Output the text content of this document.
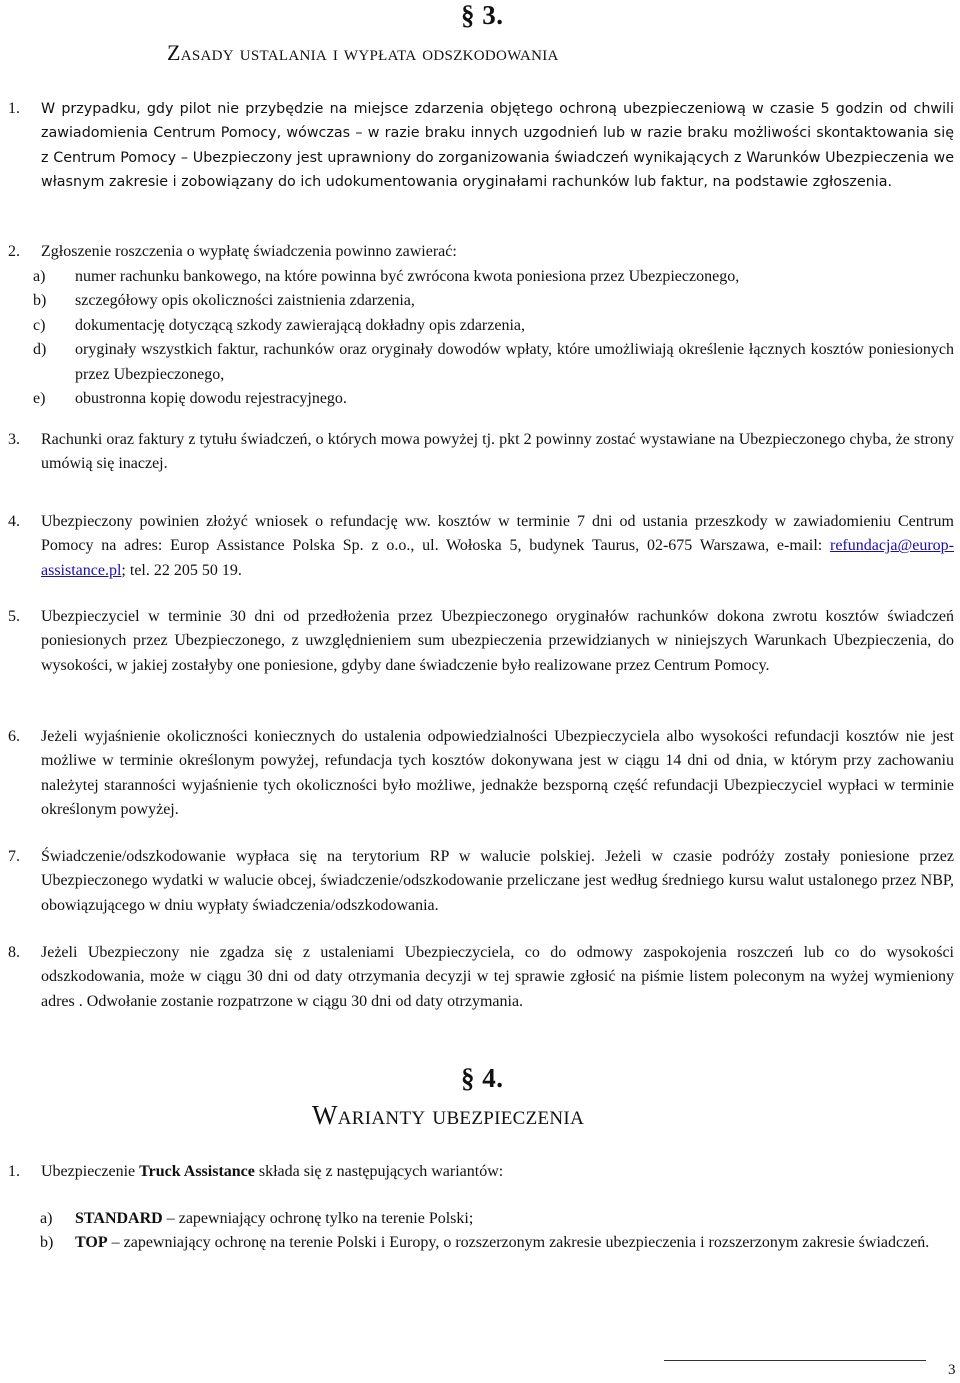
§ 3.
Zasady ustalania i wypłata odszkodowania
1. W przypadku, gdy pilot nie przybędzie na miejsce zdarzenia objętego ochroną ubezpieczeniową w czasie 5 godzin od chwili zawiadomienia Centrum Pomocy, wówczas – w razie braku innych uzgodnień lub w razie braku możliwości skontaktowania się z Centrum Pomocy – Ubezpieczony jest uprawniony do zorganizowania świadczeń wynikających z Warunków Ubezpieczenia we własnym zakresie i zobowiązany do ich udokumentowania oryginałami rachunków lub faktur, na podstawie zgłoszenia.
2. Zgłoszenie roszczenia o wypłatę świadczenia powinno zawierać:
a) numer rachunku bankowego, na które powinna być zwrócona kwota poniesiona przez Ubezpieczonego,
b) szczegółowy opis okoliczności zaistnienia zdarzenia,
c) dokumentację dotyczącą szkody zawierającą dokładny opis zdarzenia,
d) oryginały wszystkich faktur, rachunków oraz oryginały dowodów wpłaty, które umożliwiają określenie łącznych kosztów poniesionych przez Ubezpieczonego,
e) obustronna kopię dowodu rejestracyjnego.
3. Rachunki oraz faktury z tytułu świadczeń, o których mowa powyżej tj. pkt 2 powinny zostać wystawiane na Ubezpieczonego chyba, że strony umówią się inaczej.
4. Ubezpieczony powinien złożyć wniosek o refundację ww. kosztów w terminie 7 dni od ustania przeszkody w zawiadomieniu Centrum Pomocy na adres: Europ Assistance Polska Sp. z o.o., ul. Wołoska 5, budynek Taurus, 02-675 Warszawa, e-mail: refundacja@europ-assistance.pl; tel. 22 205 50 19.
5. Ubezpieczyciel w terminie 30 dni od przedłożenia przez Ubezpieczonego oryginałów rachunków dokona zwrotu kosztów świadczeń poniesionych przez Ubezpieczonego, z uwzględnieniem sum ubezpieczenia przewidzianych w niniejszych Warunkach Ubezpieczenia, do wysokości, w jakiej zostałyby one poniesione, gdyby dane świadczenie było realizowane przez Centrum Pomocy.
6. Jeżeli wyjaśnienie okoliczności koniecznych do ustalenia odpowiedzialności Ubezpieczyciela albo wysokości refundacji kosztów nie jest możliwe w terminie określonym powyżej, refundacja tych kosztów dokonywana jest w ciągu 14 dni od dnia, w którym przy zachowaniu należytej staranności wyjaśnienie tych okoliczności było możliwe, jednakże bezsporną część refundacji Ubezpieczyciel wypłaci w terminie określonym powyżej.
7. Świadczenie/odszkodowanie wypłaca się na terytorium RP w walucie polskiej. Jeżeli w czasie podróży zostały poniesione przez Ubezpieczonego wydatki w walucie obcej, świadczenie/odszkodowanie przeliczane jest według średniego kursu walut ustalonego przez NBP, obowiązującego w dniu wypłaty świadczenia/odszkodowania.
8. Jeżeli Ubezpieczony nie zgadza się z ustaleniami Ubezpieczyciela, co do odmowy zaspokojenia roszczeń lub co do wysokości odszkodowania, może w ciągu 30 dni od daty otrzymania decyzji w tej sprawie zgłosić na piśmie listem poleconym na wyżej wymieniony adres . Odwołanie zostanie rozpatrzone w ciągu 30 dni od daty otrzymania.
§ 4.
Warianty ubezpieczenia
1. Ubezpieczenie Truck Assistance składa się z następujących wariantów:
a) STANDARD – zapewniający ochronę tylko na terenie Polski;
b) TOP – zapewniający ochronę na terenie Polski i Europy, o rozszerzonym zakresie ubezpieczenia i rozszerzonym zakresie świadczeń.
3
